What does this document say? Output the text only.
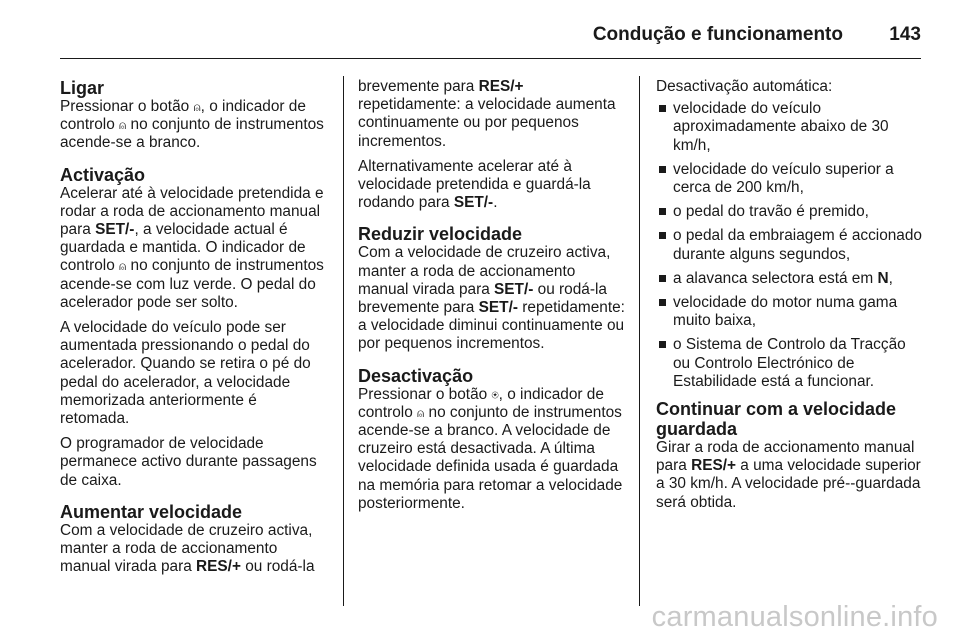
Condução e funcionamento 143
Ligar

Pressionar o botão ⍝, o indicador de controlo ⍝ no conjunto de instrumentos acende-se a branco.

Activação

Acelerar até à velocidade pretendida e rodar a roda de accionamento manual para SET/-, a velocidade actual é guardada e mantida. O indicador de controlo ⍝ no conjunto de instrumentos acende-se com luz verde. O pedal do acelerador pode ser solto.

A velocidade do veículo pode ser aumentada pressionando o pedal do acelerador. Quando se retira o pé do pedal do acelerador, a velocidade memorizada anteriormente é retomada.

O programador de velocidade permanece activo durante passagens de caixa.

Aumentar velocidade

Com a velocidade de cruzeiro activa, manter a roda de accionamento manual virada para RES/+ ou rodá-la

brevemente para RES/+ repetidamente: a velocidade aumenta continuamente ou por pequenos incrementos.

Alternativamente acelerar até à velocidade pretendida e guardá-la rodando para SET/-.

Reduzir velocidade

Com a velocidade de cruzeiro activa, manter a roda de accionamento manual virada para SET/- ou rodá-la brevemente para SET/- repetidamente: a velocidade diminui continuamente ou por pequenos incrementos.

Desactivação

Pressionar o botão ⍟, o indicador de controlo ⍝ no conjunto de instrumentos acende-se a branco. A velocidade de cruzeiro está desactivada. A última velocidade definida usada é guardada na memória para retomar a velocidade posteriormente.

Desactivação automática:

velocidade do veículo aproximadamente abaixo de 30 km/h,
velocidade do veículo superior a cerca de 200 km/h,
o pedal do travão é premido,
o pedal da embraiagem é accionado durante alguns segundos,
a alavanca selectora está em N,
velocidade do motor numa gama muito baixa,
o Sistema de Controlo da Tracção ou Controlo Electrónico de Estabilidade está a funcionar.
Continuar com a velocidade guardada

Girar a roda de accionamento manual para RES/+ a uma velocidade superior a 30 km/h. A velocidade pré--guardada será obtida.

carmanualsonline.info
